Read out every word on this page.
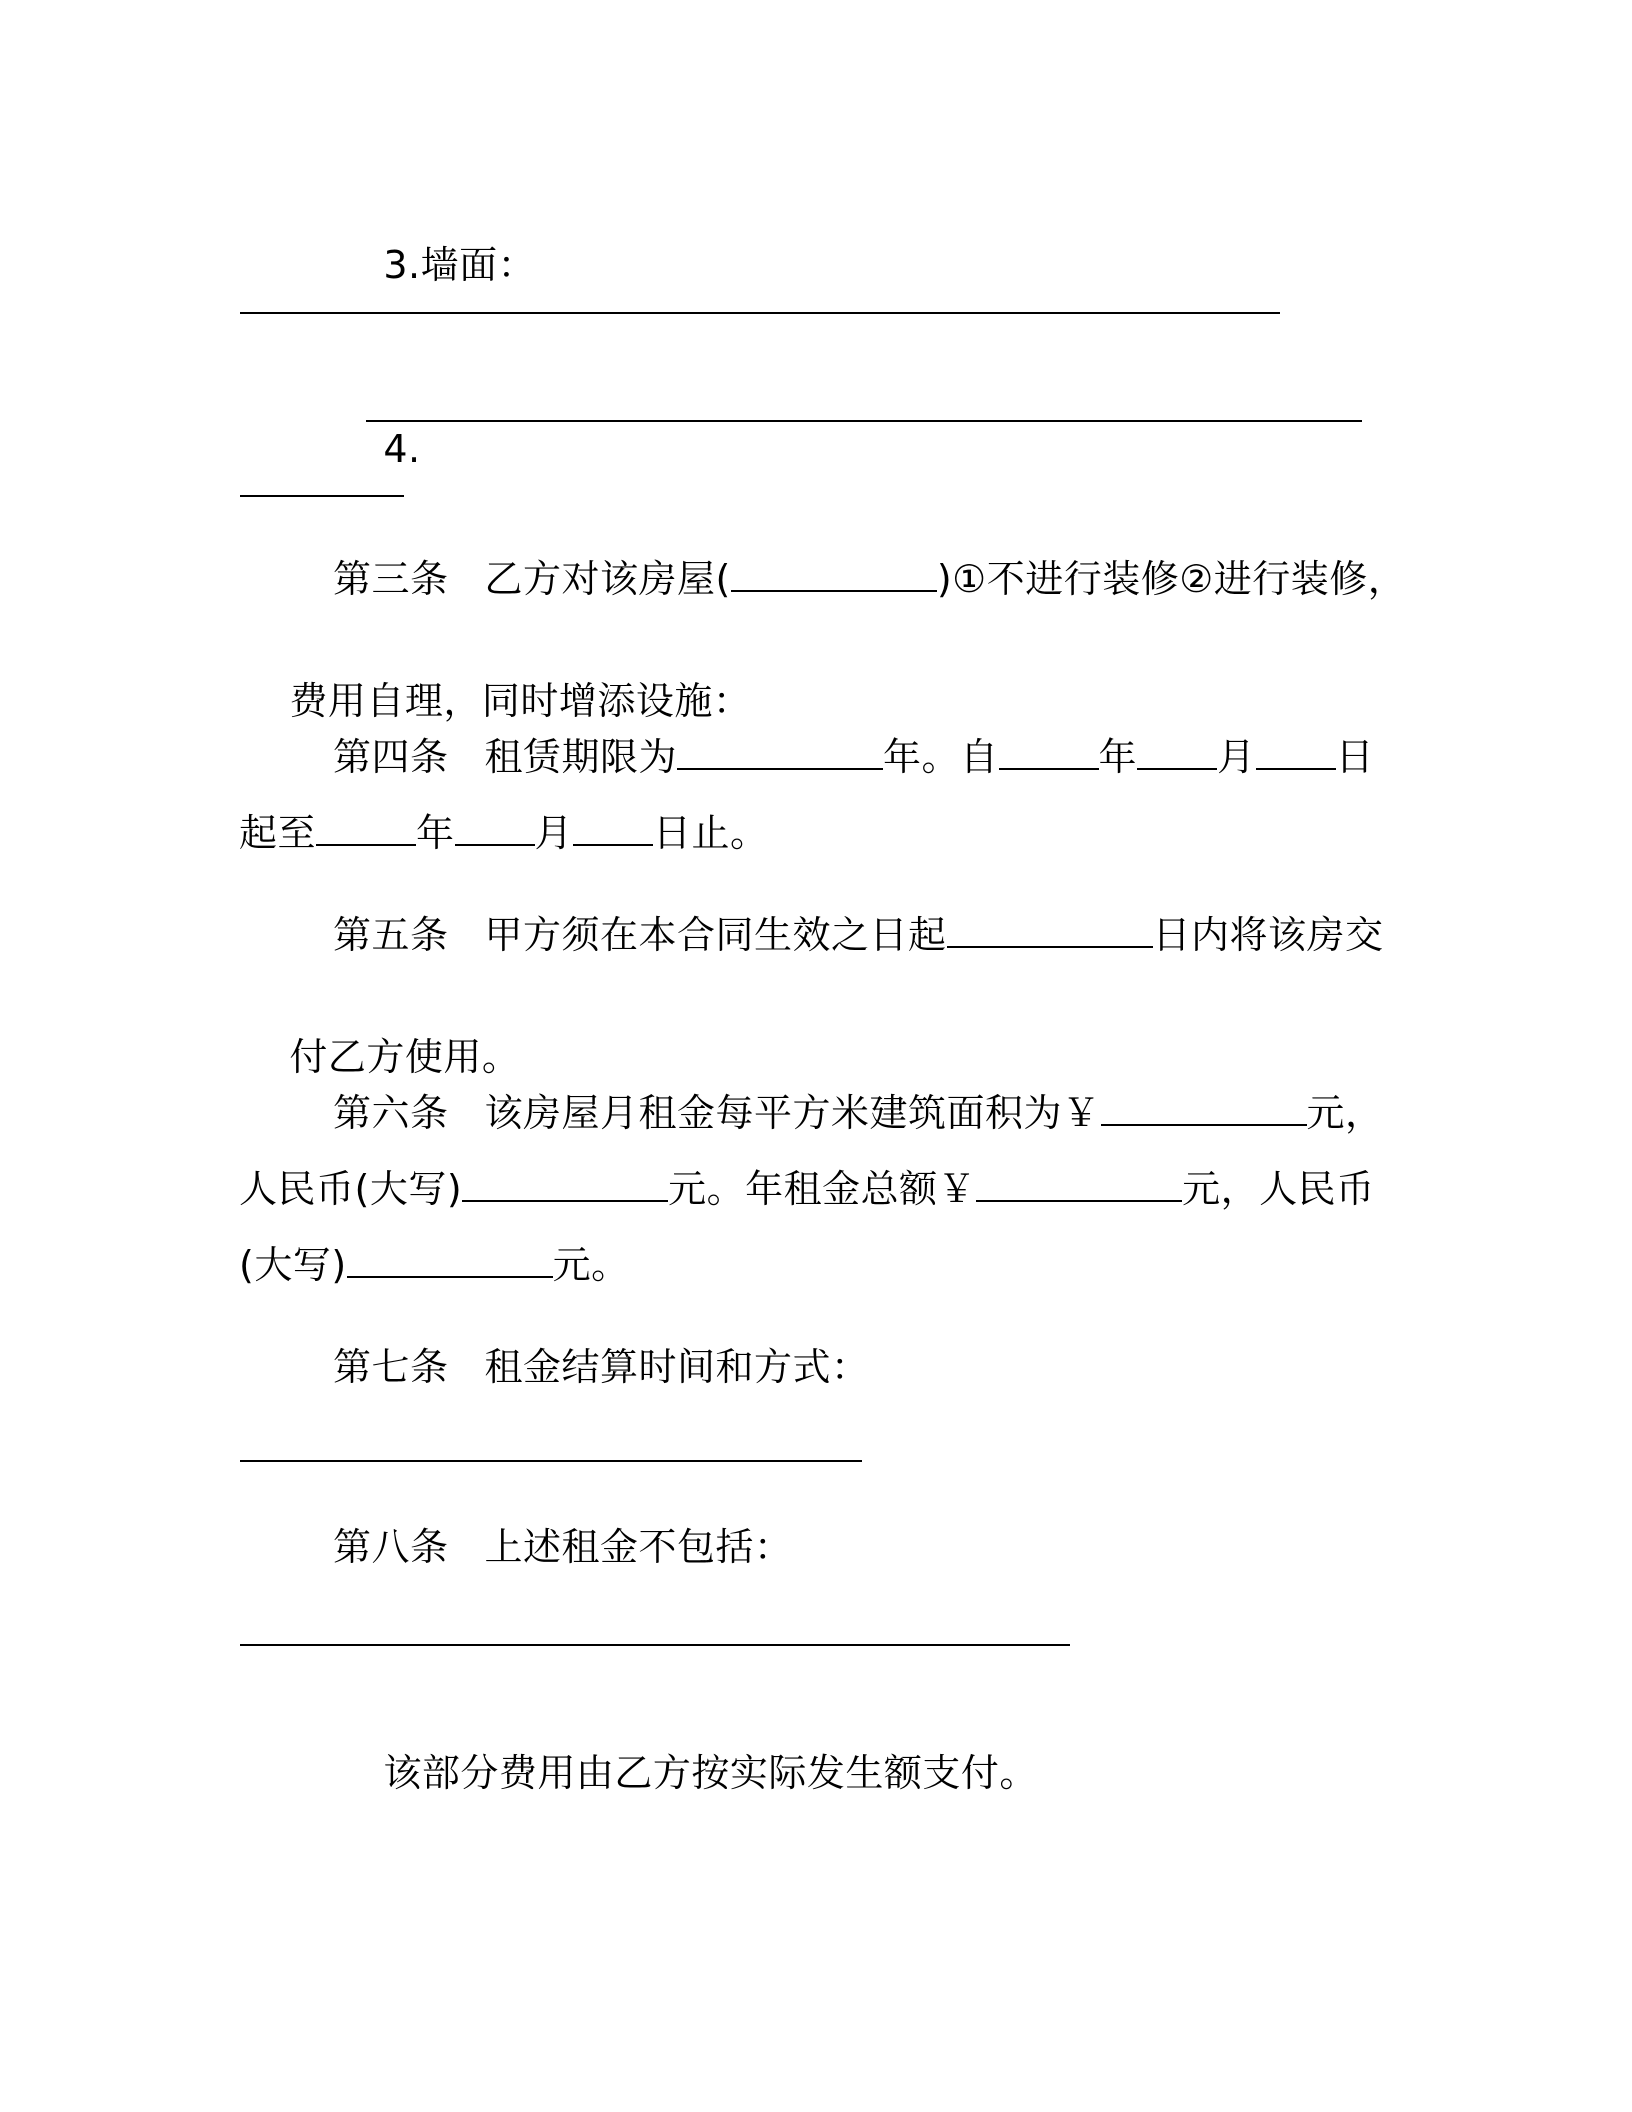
3.墙面：

4.

第三条 乙方对该房屋(	)①不进行装修②进行装修，

费用自理，同时增添设施：

第四条 租赁期限为	年。自	年 月 日
起至	年 月 日止。
第五条 甲方须在本合同生效之日起	日内将该房交

付乙方使用。

第六条 该房屋月租金每平方米建筑面积为￥	元，
人民币(大写)	元。年租金总额￥	元，人民币
(大写)	元。
第七条 租金结算时间和方式：
第八条 上述租金不包括：

该部分费用由乙方按实际发生额支付。
